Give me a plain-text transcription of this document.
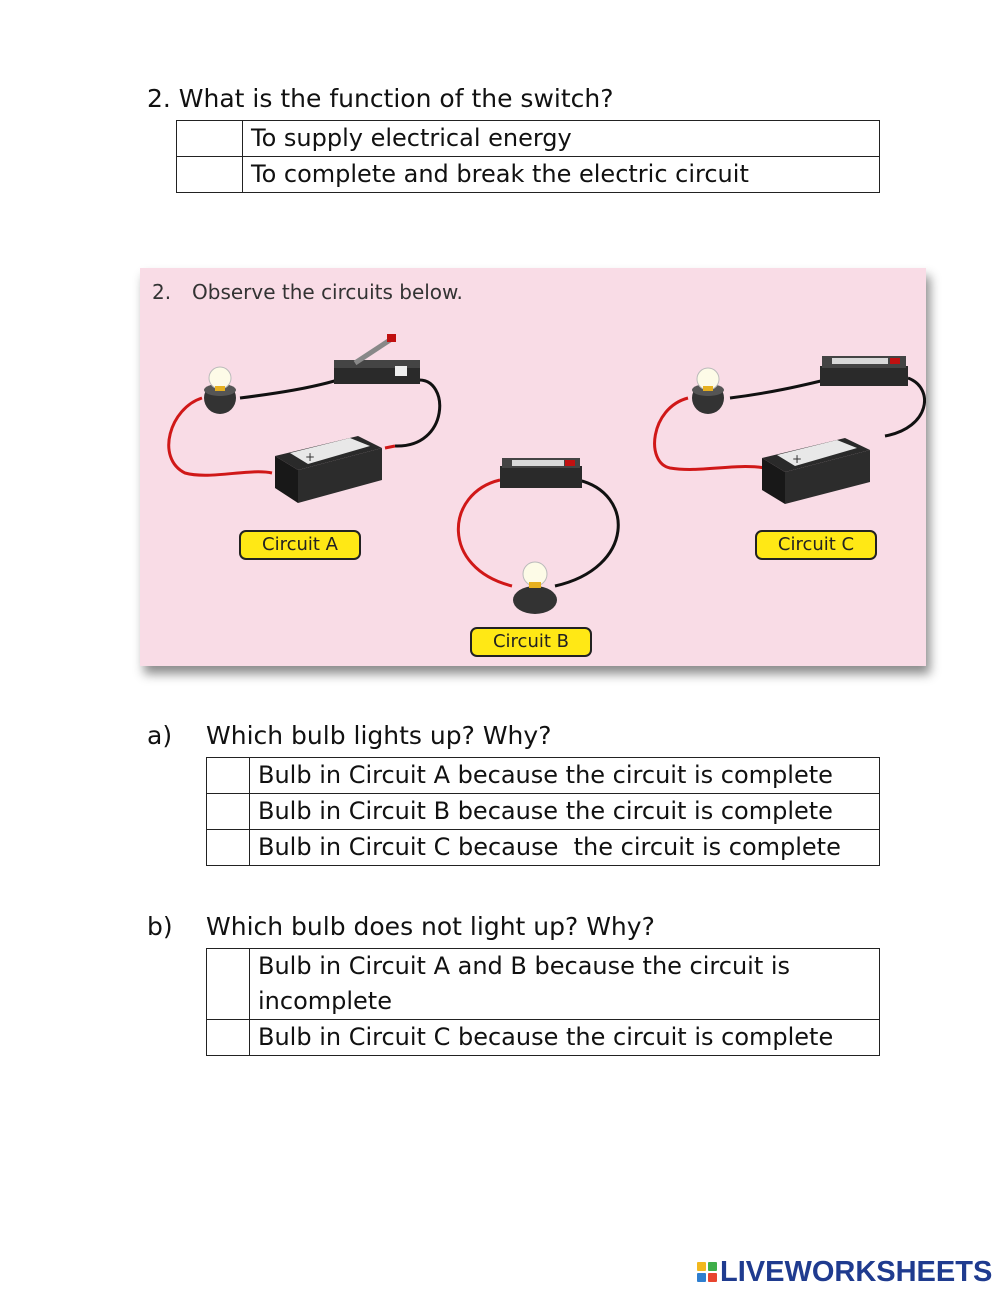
2. What is the function of the switch?
	To supply electrical energy
	To complete and break the electric circuit
2. Observe the circuits below.
+	+
Circuit A
Circuit B
Circuit C
a) Which bulb lights up? Why?
	Bulb in Circuit A because the circuit is complete
	Bulb in Circuit B because the circuit is complete
	Bulb in Circuit C because  the circuit is complete
b) Which bulb does not light up? Why?
	Bulb in Circuit A and B because the circuit is incomplete
	Bulb in Circuit C because the circuit is complete
LIVEWORKSHEETS
